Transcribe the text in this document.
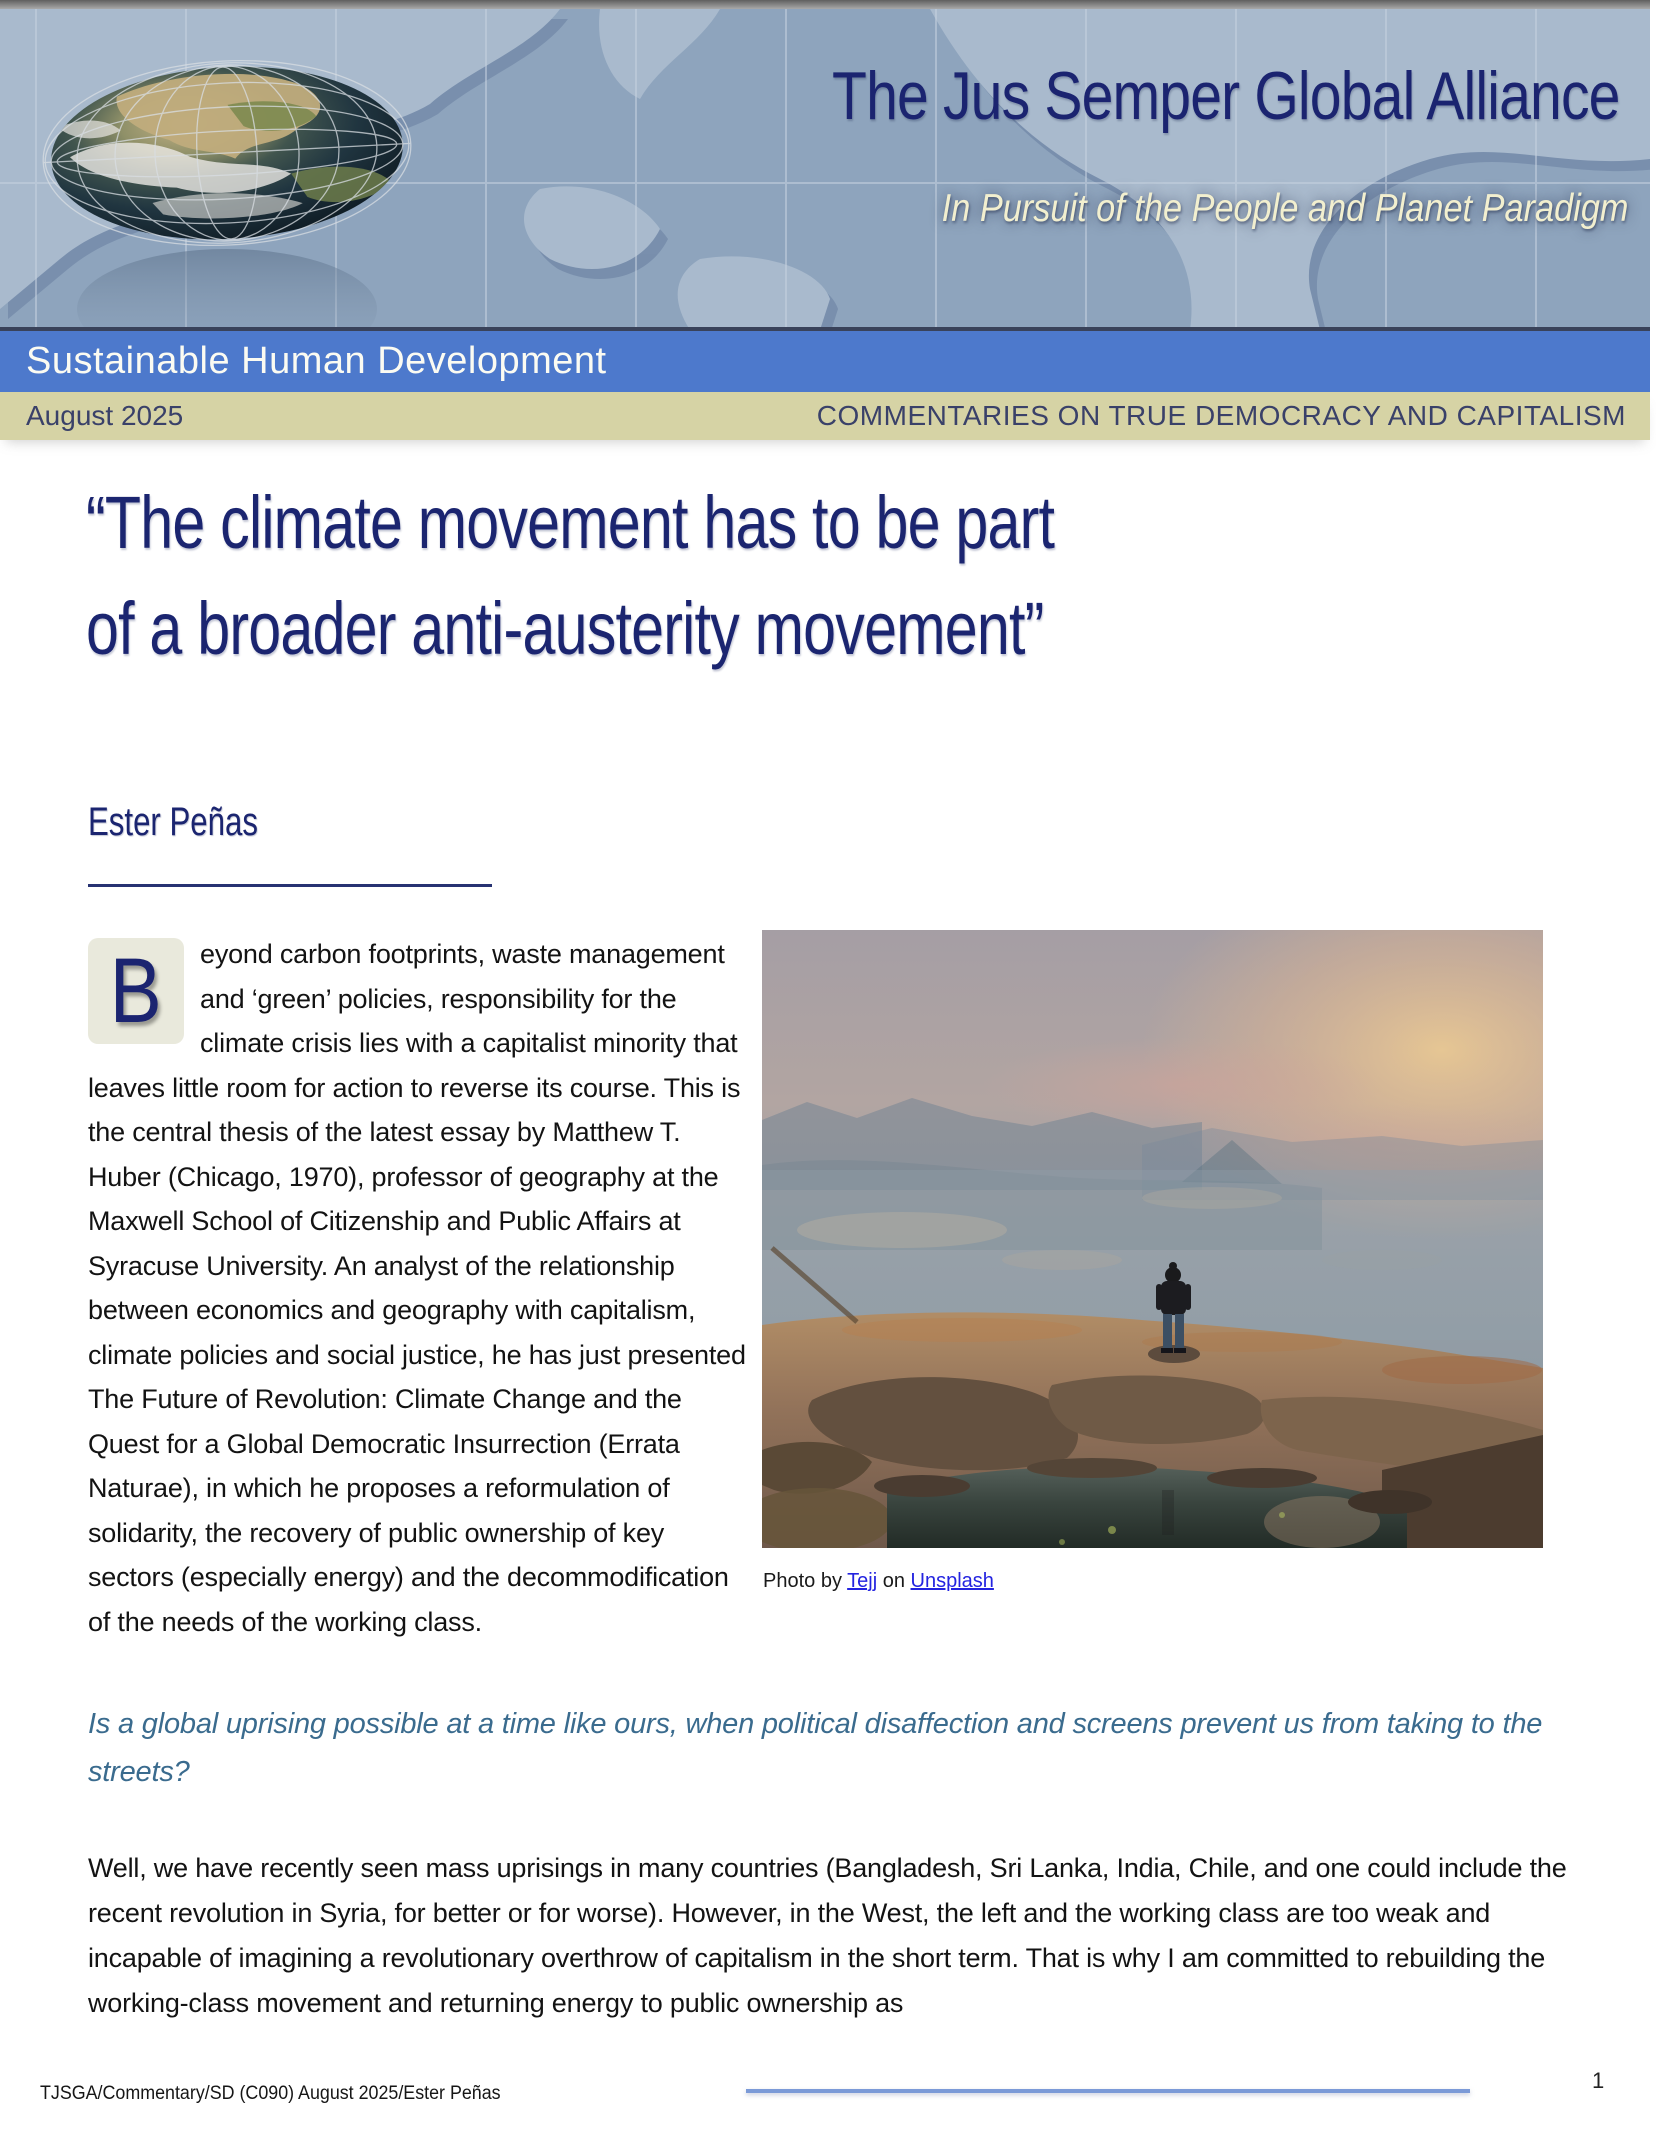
The Jus Semper Global Alliance
In Pursuit of the People and Planet Paradigm
Sustainable Human Development
August 2025	COMMENTARIES ON TRUE DEMOCRACY AND CAPITALISM
“The climate movement has to be part
of a broader anti-austerity movement”
Ester Peñas
B eyond carbon footprints, waste management and ‘green’ policies, responsibility for the climate crisis lies with a capitalist minority that leaves little room for action to reverse its course. This is the central thesis of the latest essay by Matthew T. Huber (Chicago, 1970), professor of geography at the Maxwell School of Citizenship and Public Affairs at Syracuse University. An analyst of the relationship between economics and geography with capitalism, climate policies and social justice, he has just presented The Future of Revolution: Climate Change and the Quest for a Global Democratic Insurrection (Errata Naturae), in which he proposes a reformulation of solidarity, the recovery of public ownership of key sectors (especially energy) and the decommodification of the needs of the working class.
Photo by Tejj on Unsplash
Is a global uprising possible at a time like ours, when political disaffection and screens prevent us from taking to the streets?
Well, we have recently seen mass uprisings in many countries (Bangladesh, Sri Lanka, India, Chile, and one could include the recent revolution in Syria, for better or for worse). However, in the West, the left and the working class are too weak and incapable of imagining a revolutionary overthrow of capitalism in the short term. That is why I am committed to rebuilding the working-class movement and returning energy to public ownership as
TJSGA/Commentary/SD (C090) August 2025/Ester Peñas
1
